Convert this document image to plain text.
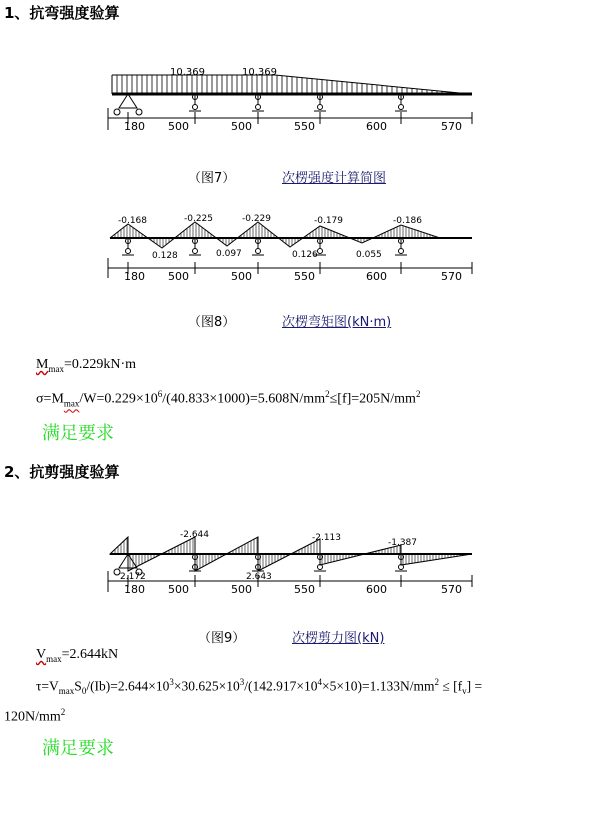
1、抗弯强度验算
10.369	10.369
180 500	500	550	600	570
（图7）	次楞强度计算简图
-0.168	-0.225	-0.229	-0.179	-0.186
0.128	0.097	0.126	0.055
180 500	500	550	600	570
（图8）	次楞弯矩图(kN·m)
$M_{max}=0.229kN\cdot m$
$\sigma=M_{max}/W=0.229\times 10^6/(40.833\times 1000)=5.608N/mm^2\le[f]=205N/mm^2$
满足要求
2、抗剪强度验算
-2.644	-2.113	-1.387
2.172	2.643
180 500	500	550	600	570
（图9）	次楞剪力图(kN)
$V_{max}=2.644kN$
$\tau=V_{max}S_0/(Ib)=2.644\times 10^3\times 30.625\times 10^3/(142.917\times 10^4\times 5\times 10)=1.133N/mm^2 \le [f_v]$ =
$120N/mm^2$
满足要求
